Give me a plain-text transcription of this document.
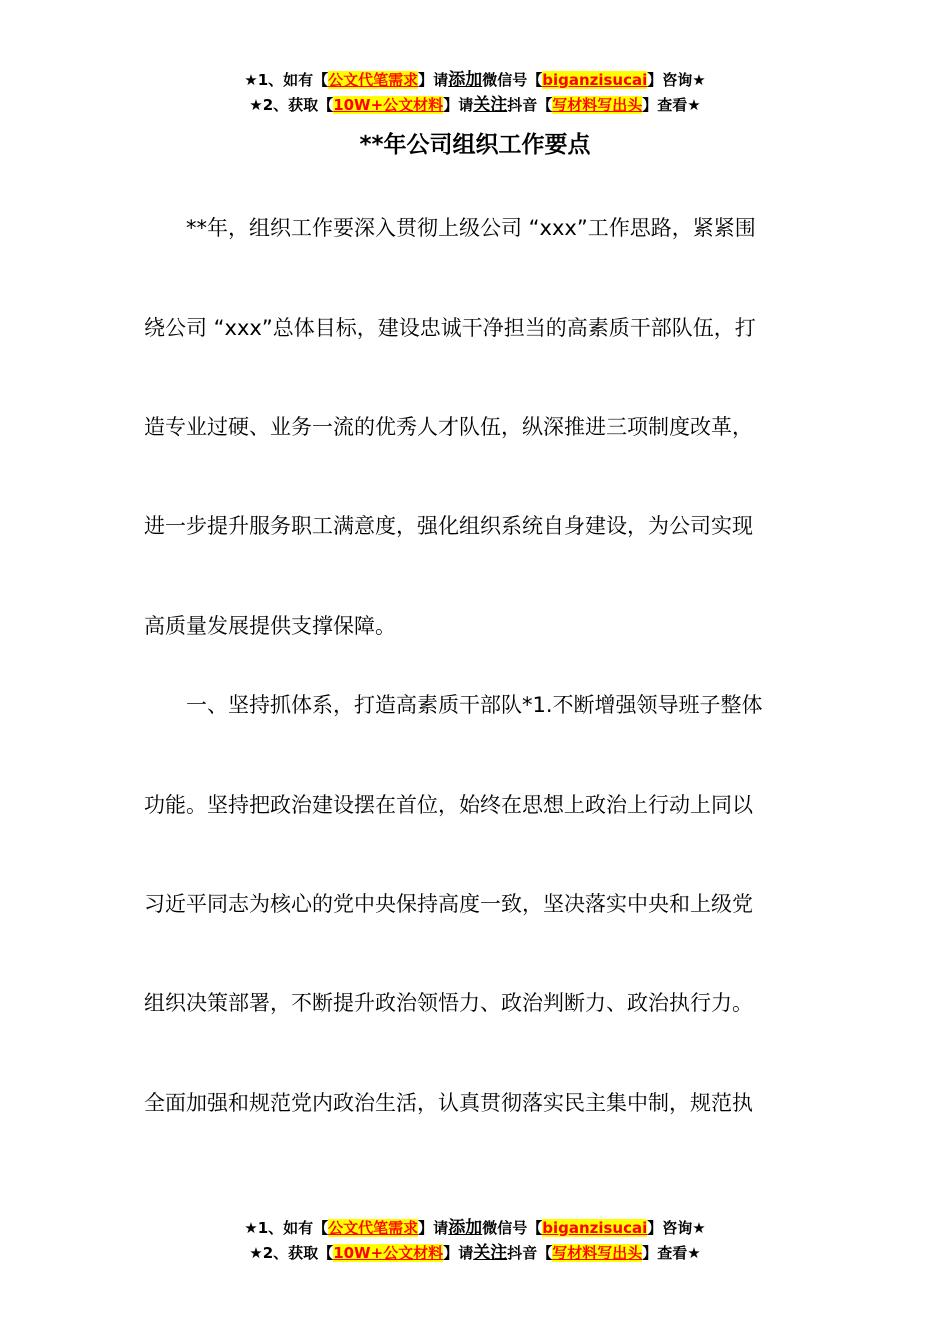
★1、如有【公文代笔需求】请添加微信号【biganzisucai】咨询★
★2、获取【10W+公文材料】请关注抖音【写材料写出头】查看★
**年公司组织工作要点
**年，组织工作要深入贯彻上级公司 “xxx”工作思路，紧紧围
绕公司 “xxx”总体目标，建设忠诚干净担当的高素质干部队伍，打
造专业过硬、业务一流的优秀人才队伍，纵深推进三项制度改革，
进一步提升服务职工满意度，强化组织系统自身建设，为公司实现
高质量发展提供支撑保障。
一、坚持抓体系，打造高素质干部队*1.不断增强领导班子整体
功能。坚持把政治建设摆在首位，始终在思想上政治上行动上同以
习近平同志为核心的党中央保持高度一致，坚决落实中央和上级党
组织决策部署，不断提升政治领悟力、政治判断力、政治执行力。
全面加强和规范党内政治生活，认真贯彻落实民主集中制，规范执
★1、如有【公文代笔需求】请添加微信号【biganzisucai】咨询★
★2、获取【10W+公文材料】请关注抖音【写材料写出头】查看★
